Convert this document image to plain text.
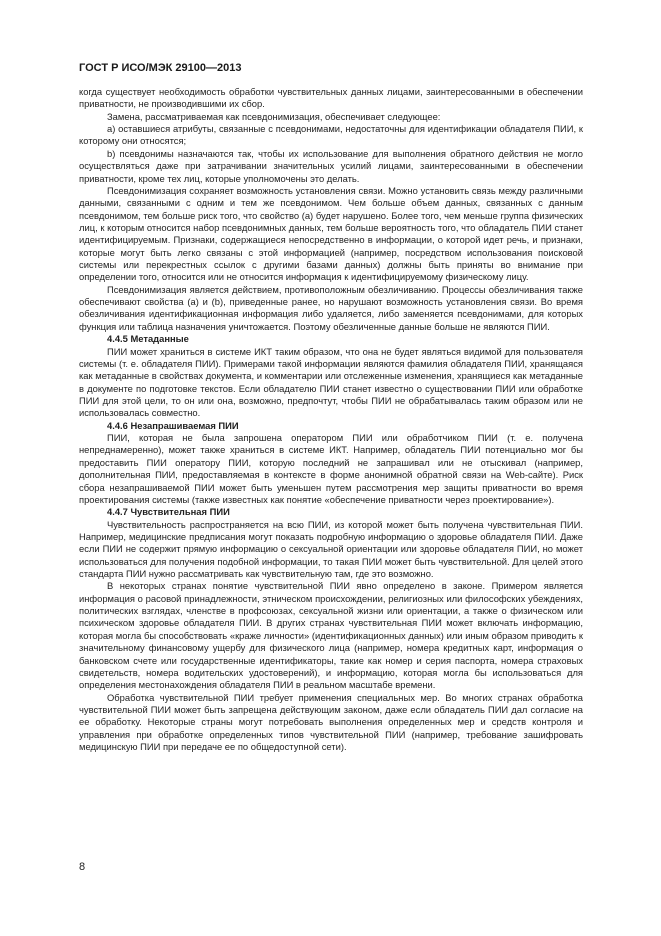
ГОСТ Р ИСО/МЭК 29100—2013

когда существует необходимость обработки чувствительных данных лицами, заинтересованными в обеспечении приватности, не производившими их сбор.

Замена, рассматриваемая как псевдонимизация, обеспечивает следующее:

a) оставшиеся атрибуты, связанные с псевдонимами, недостаточны для идентификации обладателя ПИИ, к которому они относятся;

b) псевдонимы назначаются так, чтобы их использование для выполнения обратного действия не могло осуществляться даже при затрачивании значительных усилий лицами, заинтересованными в обеспечении приватности, кроме тех лиц, которые уполномочены это делать.

Псевдонимизация сохраняет возможность установления связи. Можно установить связь между различными данными, связанными с одним и тем же псевдонимом. Чем больше объем данных, связанных с данным псевдонимом, тем больше риск того, что свойство (а) будет нарушено. Более того, чем меньше группа физических лиц, к которым относится набор псевдонимных данных, тем больше вероятность того, что обладатель ПИИ станет идентифицируемым. Признаки, содержащиеся непосредственно в информации, о которой идет речь, и признаки, которые могут быть легко связаны с этой информацией (например, посредством использования поисковой системы или перекрестных ссылок с другими базами данных) должны быть приняты во внимание при определении того, относится или не относится информация к идентифицируемому физическому лицу.

Псевдонимизация является действием, противоположным обезличиванию. Процессы обезличивания также обеспечивают свойства (а) и (b), приведенные ранее, но нарушают возможность установления связи. Во время обезличивания идентификационная информация либо удаляется, либо заменяется псевдонимами, для которых функция или таблица назначения уничтожается. Поэтому обезличенные данные больше не являются ПИИ.

4.4.5 Метаданные

ПИИ может храниться в системе ИКТ таким образом, что она не будет являться видимой для пользователя системы (т. е. обладателя ПИИ). Примерами такой информации являются фамилия обладателя ПИИ, хранящаяся как метаданные в свойствах документа, и комментарии или отслеженные изменения, хранящиеся как метаданные в документе по подготовке текстов. Если обладателю ПИИ станет известно о существовании ПИИ или обработке ПИИ для этой цели, то он или она, возможно, предпочтут, чтобы ПИИ не обрабатывалась таким образом или не использовалась совместно.

4.4.6 Незапрашиваемая ПИИ

ПИИ, которая не была запрошена оператором ПИИ или обработчиком ПИИ (т. е. получена непреднамеренно), может также храниться в системе ИКТ. Например, обладатель ПИИ потенциально мог бы предоставить ПИИ оператору ПИИ, которую последний не запрашивал или не отыскивал (например, дополнительная ПИИ, предоставляемая в контексте в форме анонимной обратной связи на Web-сайте). Риск сбора незапрашиваемой ПИИ может быть уменьшен путем рассмотрения мер защиты приватности во время проектирования системы (также известных как понятие «обеспечение приватности через проектирование»).

4.4.7 Чувствительная ПИИ

Чувствительность распространяется на всю ПИИ, из которой может быть получена чувствительная ПИИ. Например, медицинские предписания могут показать подробную информацию о здоровье обладателя ПИИ. Даже если ПИИ не содержит прямую информацию о сексуальной ориентации или здоровье обладателя ПИИ, но может использоваться для получения подобной информации, то такая ПИИ может быть чувствительной. Для целей этого стандарта ПИИ нужно рассматривать как чувствительную там, где это возможно.

В некоторых странах понятие чувствительной ПИИ явно определено в законе. Примером является информация о расовой принадлежности, этническом происхождении, религиозных или философских убеждениях, политических взглядах, членстве в профсоюзах, сексуальной жизни или ориентации, а также о физическом или психическом здоровье обладателя ПИИ. В других странах чувствительная ПИИ может включать информацию, которая могла бы способствовать «краже личности» (идентификационных данных) или иным образом приводить к значительному финансовому ущербу для физического лица (например, номера кредитных карт, информация о банковском счете или государственные идентификаторы, такие как номер и серия паспорта, номера страховых свидетельств, номера водительских удостоверений), и информацию, которая могла бы использоваться для определения местонахождения обладателя ПИИ в реальном масштабе времени.

Обработка чувствительной ПИИ требует применения специальных мер. Во многих странах обработка чувствительной ПИИ может быть запрещена действующим законом, даже если обладатель ПИИ дал согласие на ее обработку. Некоторые страны могут потребовать выполнения определенных мер и средств контроля и управления при обработке определенных типов чувствительной ПИИ (например, требование зашифровать медицинскую ПИИ при передаче ее по общедоступной сети).

8
